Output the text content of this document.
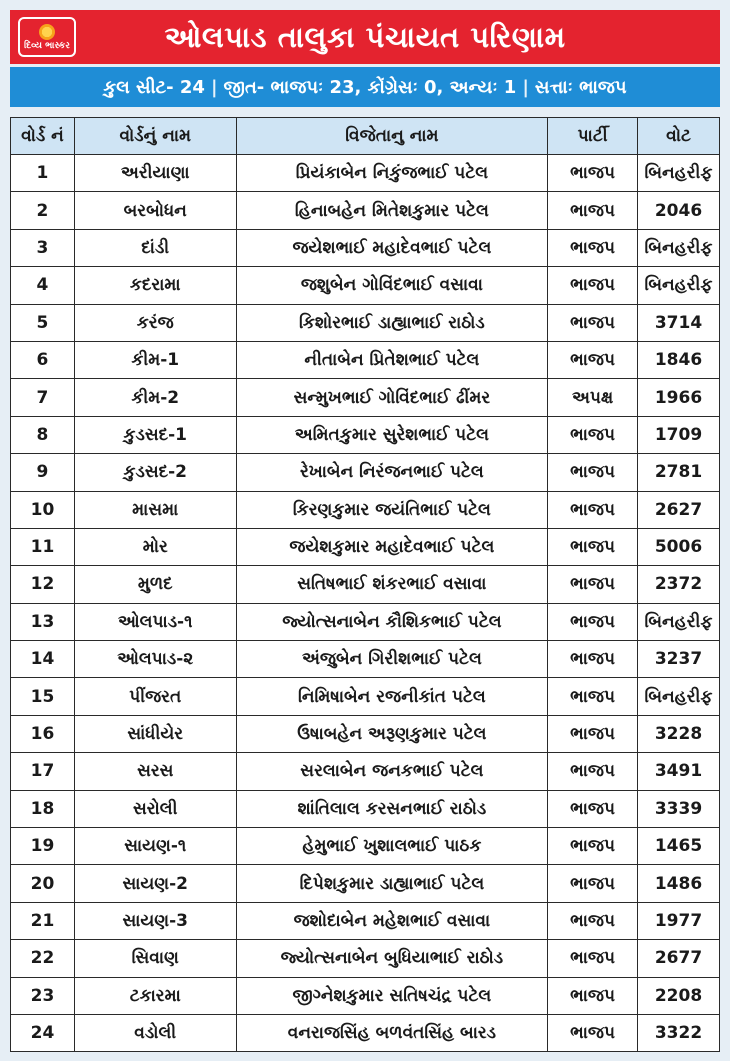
દિવ્ય ભાસ્કર	ઓલપાડ તાલુકા પંચાયત પરિણામ
કુલ સીટ- 24 | જીત- ભાજપઃ 23, કોંગ્રેસઃ 0, અન્યઃ 1 | સત્તાઃ ભાજપ
વોર્ડ નં	વોર્ડનું નામ	વિજેતાનુ નામ	પાર્ટી	વોટ
1	અરીયાણા	પ્રિયંકાબેન નિકુંજભાઈ પટેલ	ભાજપ	બિનહરીફ
2	બરબોધન	હિનાબહેન મિતેશકુમાર પટેલ	ભાજપ	2046
3	દાંડી	જયેશભાઈ મહાદેવભાઈ પટેલ	ભાજપ	બિનહરીફ
4	કદરામા	જશુબેન ગોવિંદભાઈ વસાવા	ભાજપ	બિનહરીફ
5	કરંજ	કિશોરભાઈ ડાહ્યાભાઈ રાઠોડ	ભાજપ	3714
6	કીમ-1	નીતાબેન પ્રિતેશભાઈ પટેલ	ભાજપ	1846
7	કીમ-2	સન્મુખભાઈ ગોવિંદભાઈ ઢીંમર	અપક્ષ	1966
8	કુડસદ-1	અમિતકુમાર સુરેશભાઈ પટેલ	ભાજપ	1709
9	કુડસદ-2	રેખાબેન નિરંજનભાઈ પટેલ	ભાજપ	2781
10	માસમા	કિરણકુમાર જયંતિભાઈ પટેલ	ભાજપ	2627
11	મોર	જયેશકુમાર મહાદેવભાઈ પટેલ	ભાજપ	5006
12	મુળદ	સતિષભાઈ શંકરભાઈ વસાવા	ભાજપ	2372
13	ઓલપાડ-૧	જ્યોત્સનાબેન કૌશિકભાઈ પટેલ	ભાજપ	બિનહરીફ
14	ઓલપાડ-૨	અંજુબેન ગિરીશભાઈ પટેલ	ભાજપ	3237
15	પીંજરત	નિમિષાબેન રજનીકાંત પટેલ	ભાજપ	બિનહરીફ
16	સાંધીયેર	ઉષાબહેન અરૂણકુમાર પટેલ	ભાજપ	3228
17	સરસ	સરલાબેન જનકભાઈ પટેલ	ભાજપ	3491
18	સરોલી	શાંતિલાલ કરસનભાઈ રાઠોડ	ભાજપ	3339
19	સાયણ-૧	હેમુભાઈ ખુશાલભાઈ પાઠક	ભાજપ	1465
20	સાયણ-2	દિપેશકુમાર ડાહ્યાભાઈ પટેલ	ભાજપ	1486
21	સાયણ-3	જશોદાબેન મહેશભાઈ વસાવા	ભાજપ	1977
22	સિવાણ	જ્યોત્સનાબેન બુધિયાભાઈ રાઠોડ	ભાજપ	2677
23	ટકારમા	જીગ્નેશકુમાર સતિષચંદ્ર પટેલ	ભાજપ	2208
24	વડોલી	વનરાજસિંહ બળવંતસિંહ બારડ	ભાજપ	3322
